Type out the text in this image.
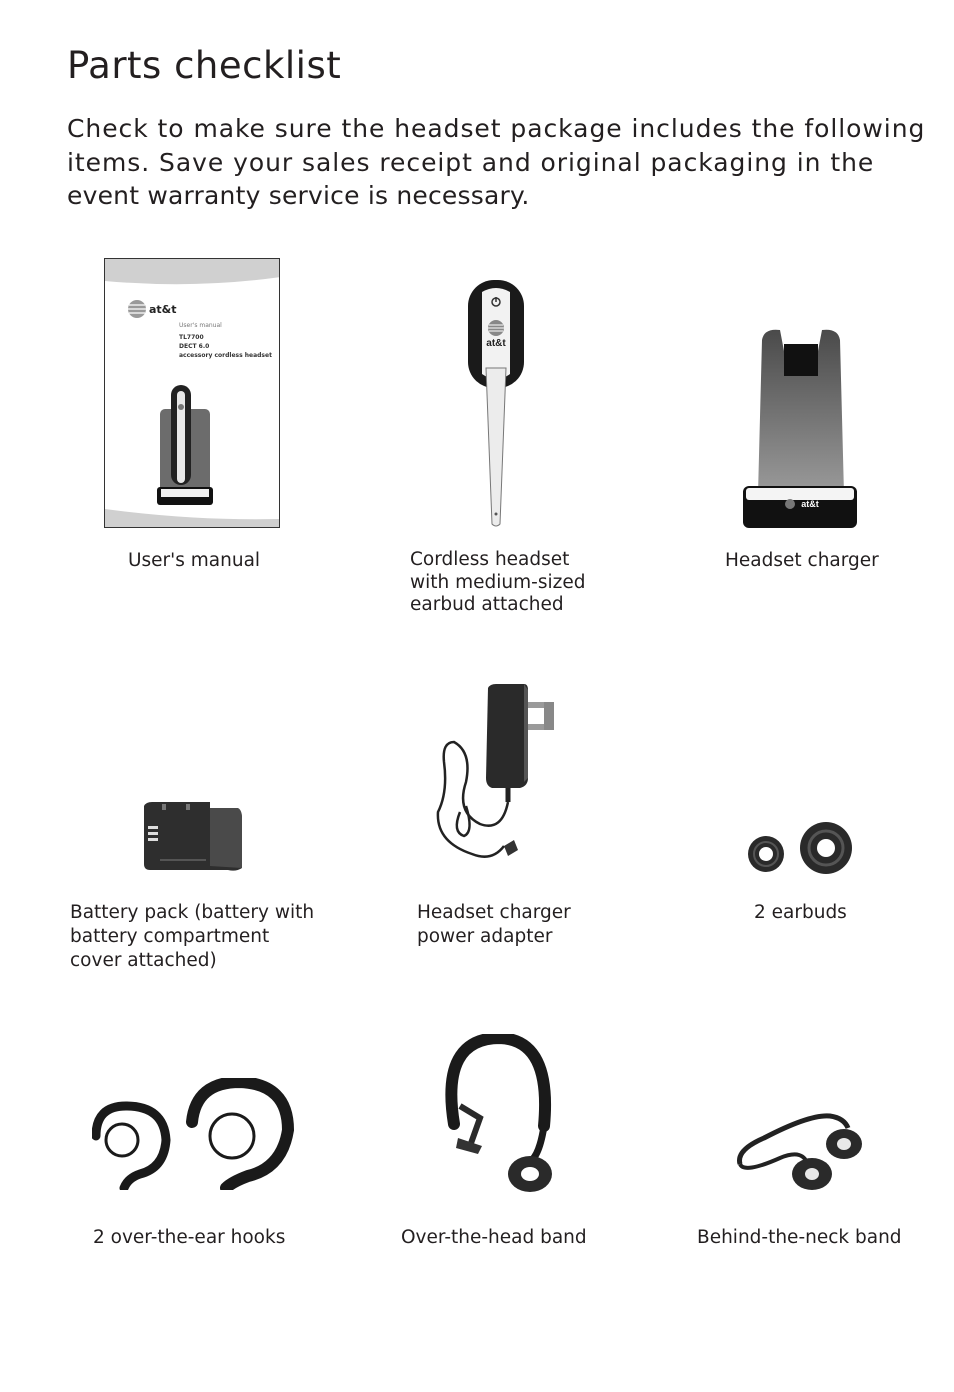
Parts checklist
Check to make sure the headset package includes the following
items. Save your sales receipt and original packaging in the
event warranty service is necessary.
at&t
User's manual
TL7700
DECT 6.0
accessory cordless headset
User's manual
at&t
Cordless headset
with medium-sized
earbud attached
at&t
Headset charger
Battery pack (battery with
battery compartment
cover attached)
Headset charger
power adapter
2 earbuds
2 over-the-ear hooks	Over-the-head band	Behind-the-neck band
